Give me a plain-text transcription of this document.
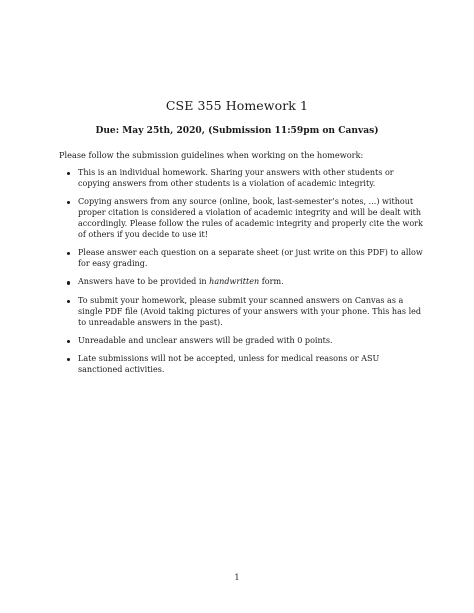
CSE 355 Homework 1
Due: May 25th, 2020, (Submission 11:59pm on Canvas)
Please follow the submission guidelines when working on the homework:
This is an individual homework. Sharing your answers with other students or copying answers from other students is a violation of academic integrity.
Copying answers from any source (online, book, last-semester’s notes, ...) without proper citation is considered a violation of academic integrity and will be dealt with accordingly. Please follow the rules of academic integrity and properly cite the work of others if you decide to use it!
Please answer each question on a separate sheet (or just write on this PDF) to allow for easy grading.
Answers have to be provided in handwritten form.
To submit your homework, please submit your scanned answers on Canvas as a single PDF file (Avoid taking pictures of your answers with your phone. This has led to unreadable answers in the past).
Unreadable and unclear answers will be graded with 0 points.
Late submissions will not be accepted, unless for medical reasons or ASU sanctioned activities.
1
